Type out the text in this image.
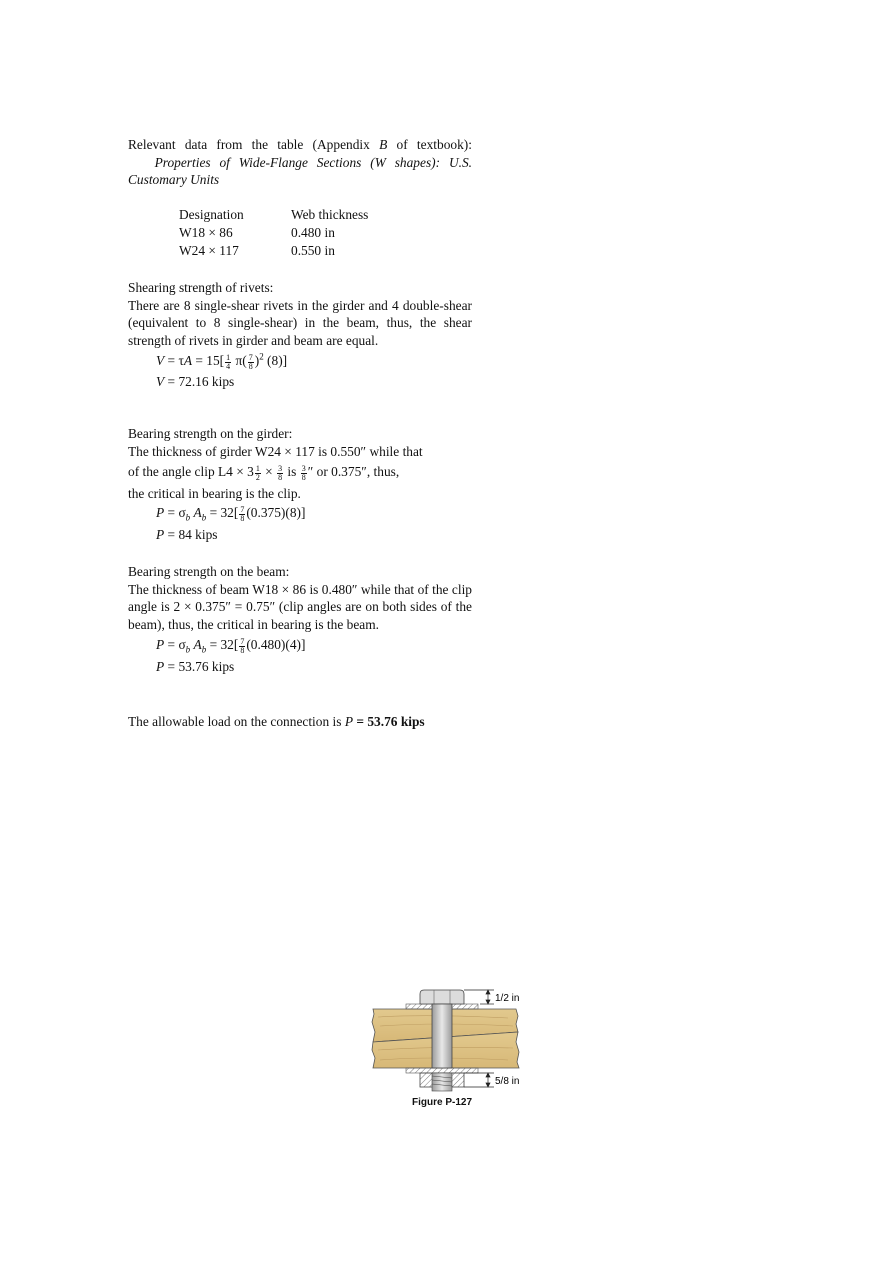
Relevant data from the table (Appendix B of textbook):    Properties of Wide-Flange Sections (W shapes): U.S. Customary Units

Designation	Web thickness
W18 × 86	0.480 in
W24 × 117	0.550 in

Shearing strength of rivets:

There are 8 single-shear rivets in the girder and 4 double-shear (equivalent to 8 single-shear) in the beam, thus, the shear strength of rivets in girder and beam are equal.

$V = \tau A = 15[ \frac{1}{4} \pi( \frac{7}{8} )^2$ (8)]

V = 72.16 kips

Bearing strength on the girder:

The thickness of girder W24 × 117 is 0.550″ while that

of the angle clip $L4 \times 3 \frac{1}{2} \times \frac{3}{8}$ is $\frac{3}{8}$ ″ or 0.375″, thus,

the critical in bearing is the clip.

$P = \sigma_b$ $A_b = 32[ \frac{7}{8} (0.375)(8)]$

P = 84 kips

Bearing strength on the beam:

The thickness of beam W18 × 86 is 0.480″ while that of the clip angle is 2 × 0.375″ = 0.75″ (clip angles are on both sides of the beam), thus, the critical in bearing is the beam.

$P = \sigma_b$ $A_b = 32[ \frac{7}{8} (0.480)(4)]$

P = 53.76 kips

The allowable load on the connection is P = 53.76 kips

1/2 in
5/8 in
Figure P-127
